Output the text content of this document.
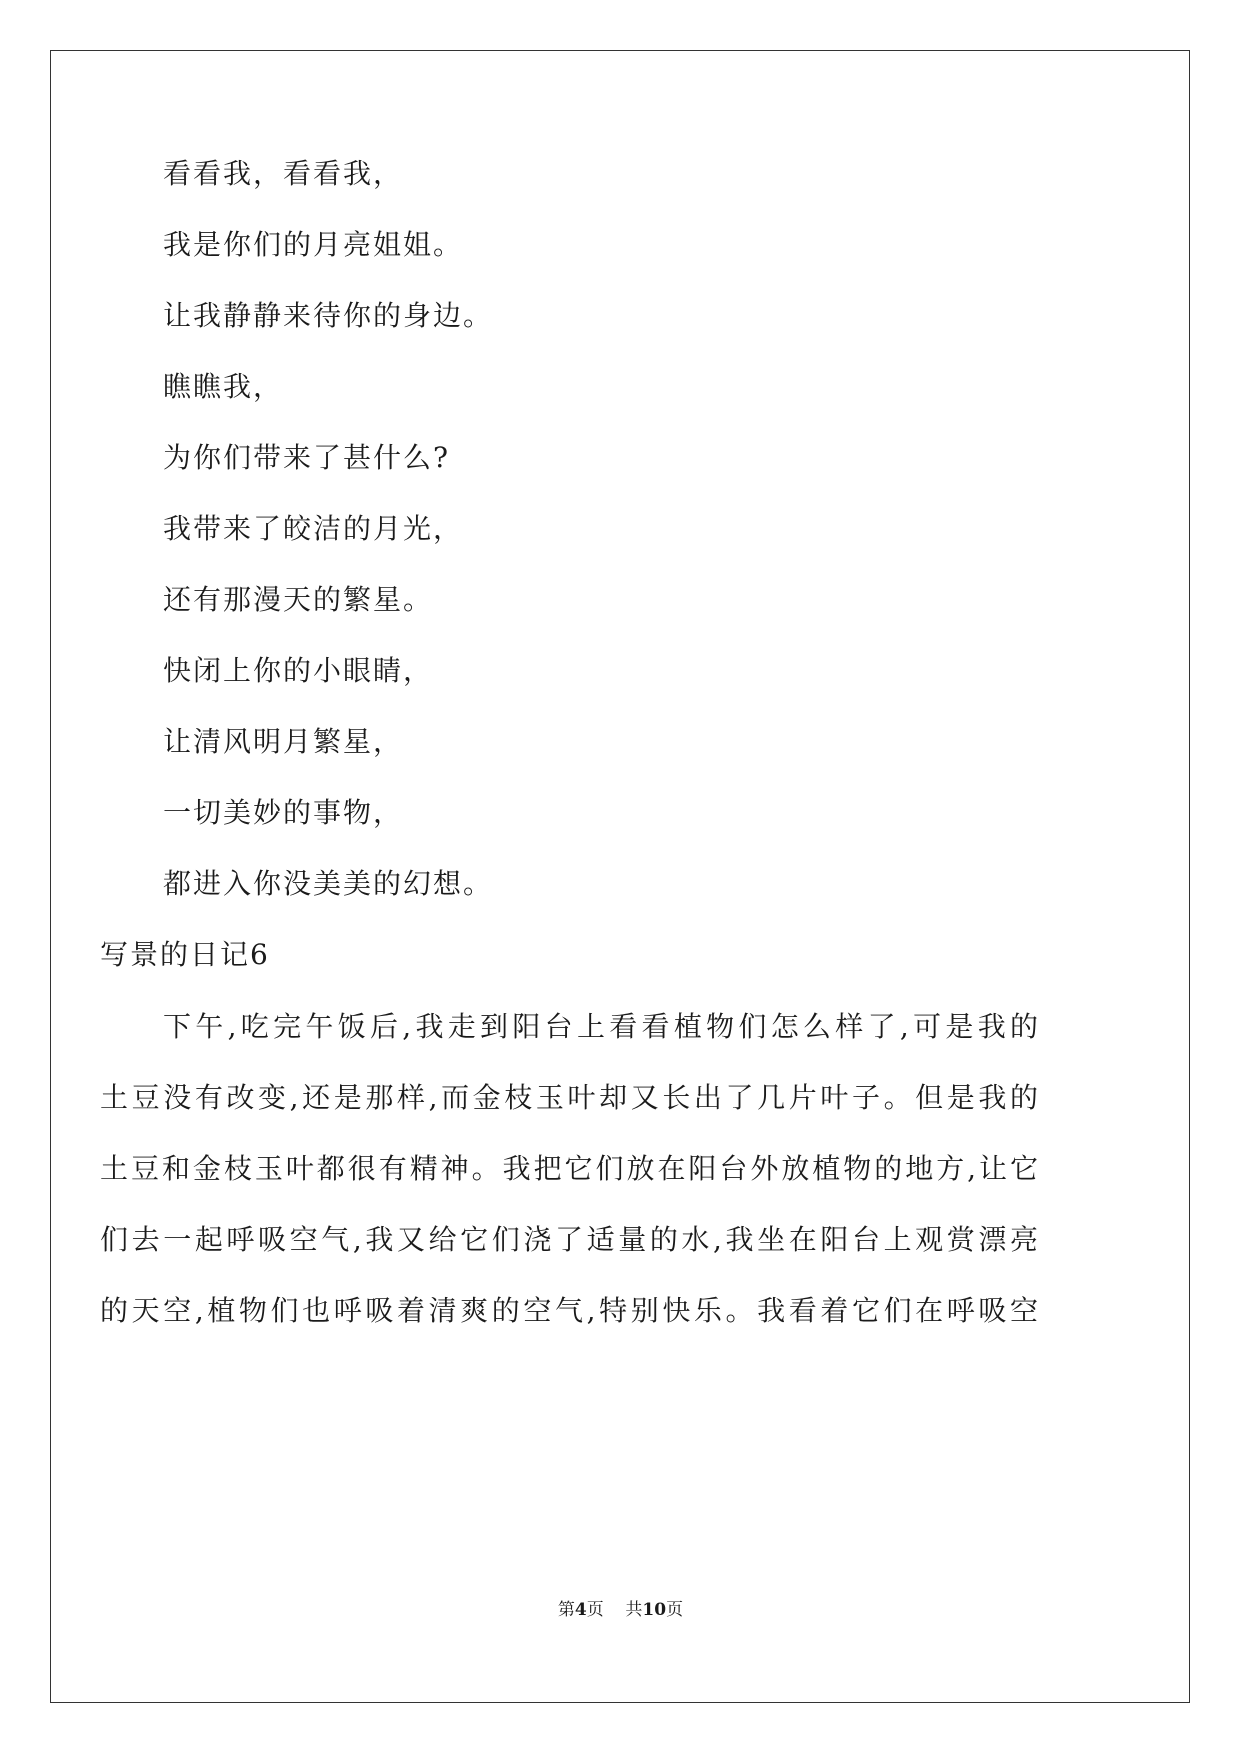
看看我，看看我，
我是你们的月亮姐姐。
让我静静来待你的身边。
瞧瞧我，
为你们带来了甚什么?
我带来了皎洁的月光，
还有那漫天的繁星。
快闭上你的小眼睛，
让清风明月繁星，
一切美妙的事物，
都进入你没美美的幻想。
写景的日记6
下午,吃完午饭后,我走到阳台上看看植物们怎么样了,可是我的
土豆没有改变,还是那样,而金枝玉叶却又长出了几片叶子。但是我的
土豆和金枝玉叶都很有精神。我把它们放在阳台外放植物的地方,让它
们去一起呼吸空气,我又给它们浇了适量的水,我坐在阳台上观赏漂亮
的天空,植物们也呼吸着清爽的空气,特别快乐。我看着它们在呼吸空
第4页 共10页
